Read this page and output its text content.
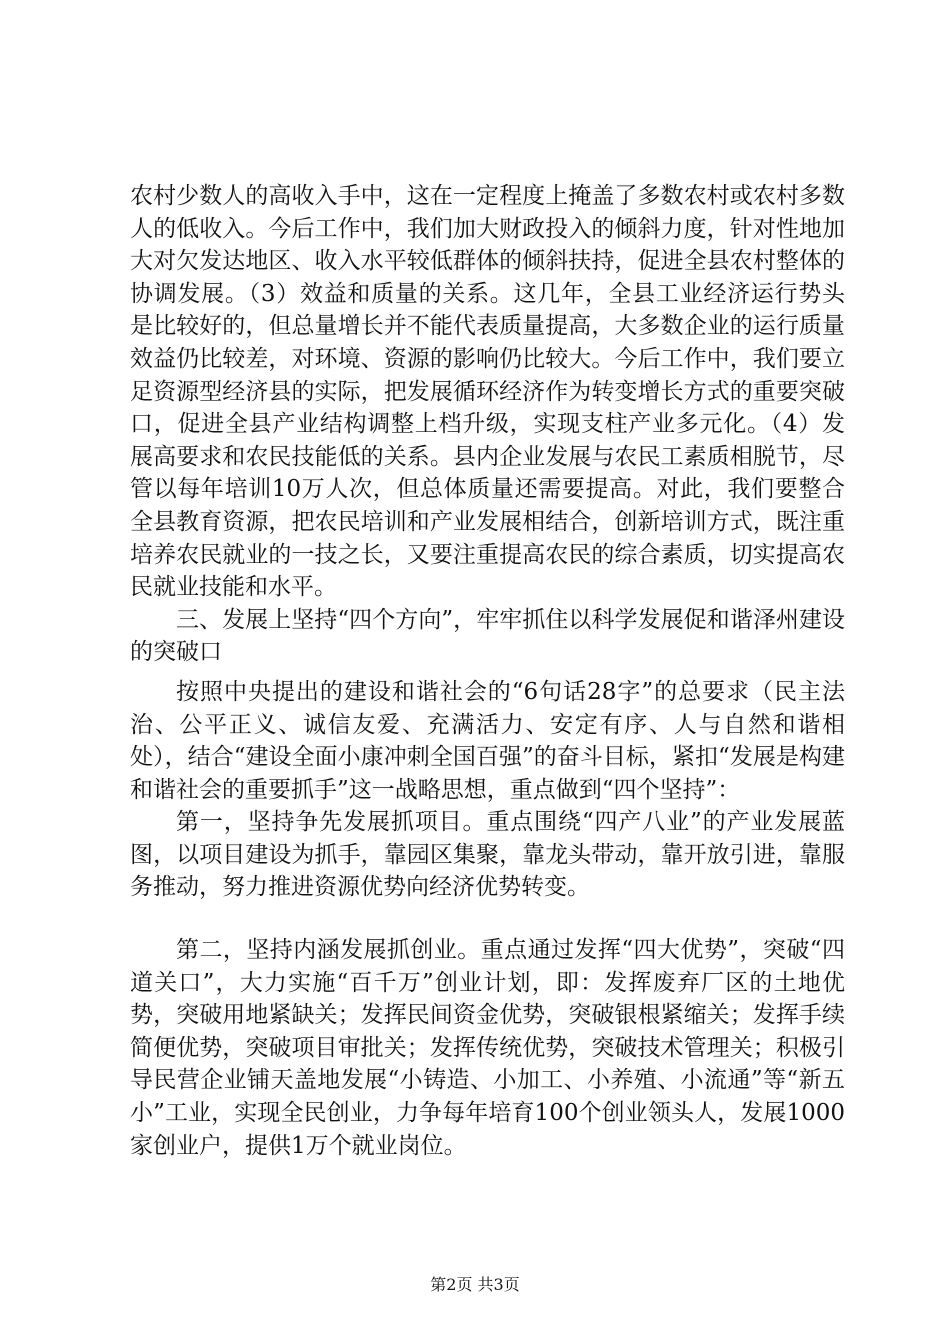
农村少数人的高收入手中，这在一定程度上掩盖了多数农村或农村多数人的低收入。今后工作中，我们加大财政投入的倾斜力度，针对性地加大对欠发达地区、收入水平较低群体的倾斜扶持，促进全县农村整体的协调发展。（3）效益和质量的关系。这几年，全县工业经济运行势头是比较好的，但总量增长并不能代表质量提高，大多数企业的运行质量效益仍比较差，对环境、资源的影响仍比较大。今后工作中，我们要立足资源型经济县的实际，把发展循环经济作为转变增长方式的重要突破口，促进全县产业结构调整上档升级，实现支柱产业多元化。（4）发展高要求和农民技能低的关系。县内企业发展与农民工素质相脱节，尽管以每年培训10万人次，但总体质量还需要提高。对此，我们要整合全县教育资源，把农民培训和产业发展相结合，创新培训方式，既注重培养农民就业的一技之长，又要注重提高农民的综合素质，切实提高农民就业技能和水平。

三、发展上坚持“四个方向”，牢牢抓住以科学发展促和谐泽州建设的突破口

按照中央提出的建设和谐社会的“6句话28字”的总要求（民主法治、公平正义、诚信友爱、充满活力、安定有序、人与自然和谐相处），结合“建设全面小康冲刺全国百强”的奋斗目标，紧扣“发展是构建和谐社会的重要抓手”这一战略思想，重点做到“四个坚持”：

第一，坚持争先发展抓项目。重点围绕“四产八业”的产业发展蓝图，以项目建设为抓手，靠园区集聚，靠龙头带动，靠开放引进，靠服务推动，努力推进资源优势向经济优势转变。

第二，坚持内涵发展抓创业。重点通过发挥“四大优势”，突破“四道关口”，大力实施“百千万”创业计划，即：发挥废弃厂区的土地优势，突破用地紧缺关；发挥民间资金优势，突破银根紧缩关；发挥手续简便优势，突破项目审批关；发挥传统优势，突破技术管理关；积极引导民营企业铺天盖地发展“小铸造、小加工、小养殖、小流通”等“新五小”工业，实现全民创业，力争每年培育100个创业领头人，发展1000家创业户，提供1万个就业岗位。

第2页 共3页
